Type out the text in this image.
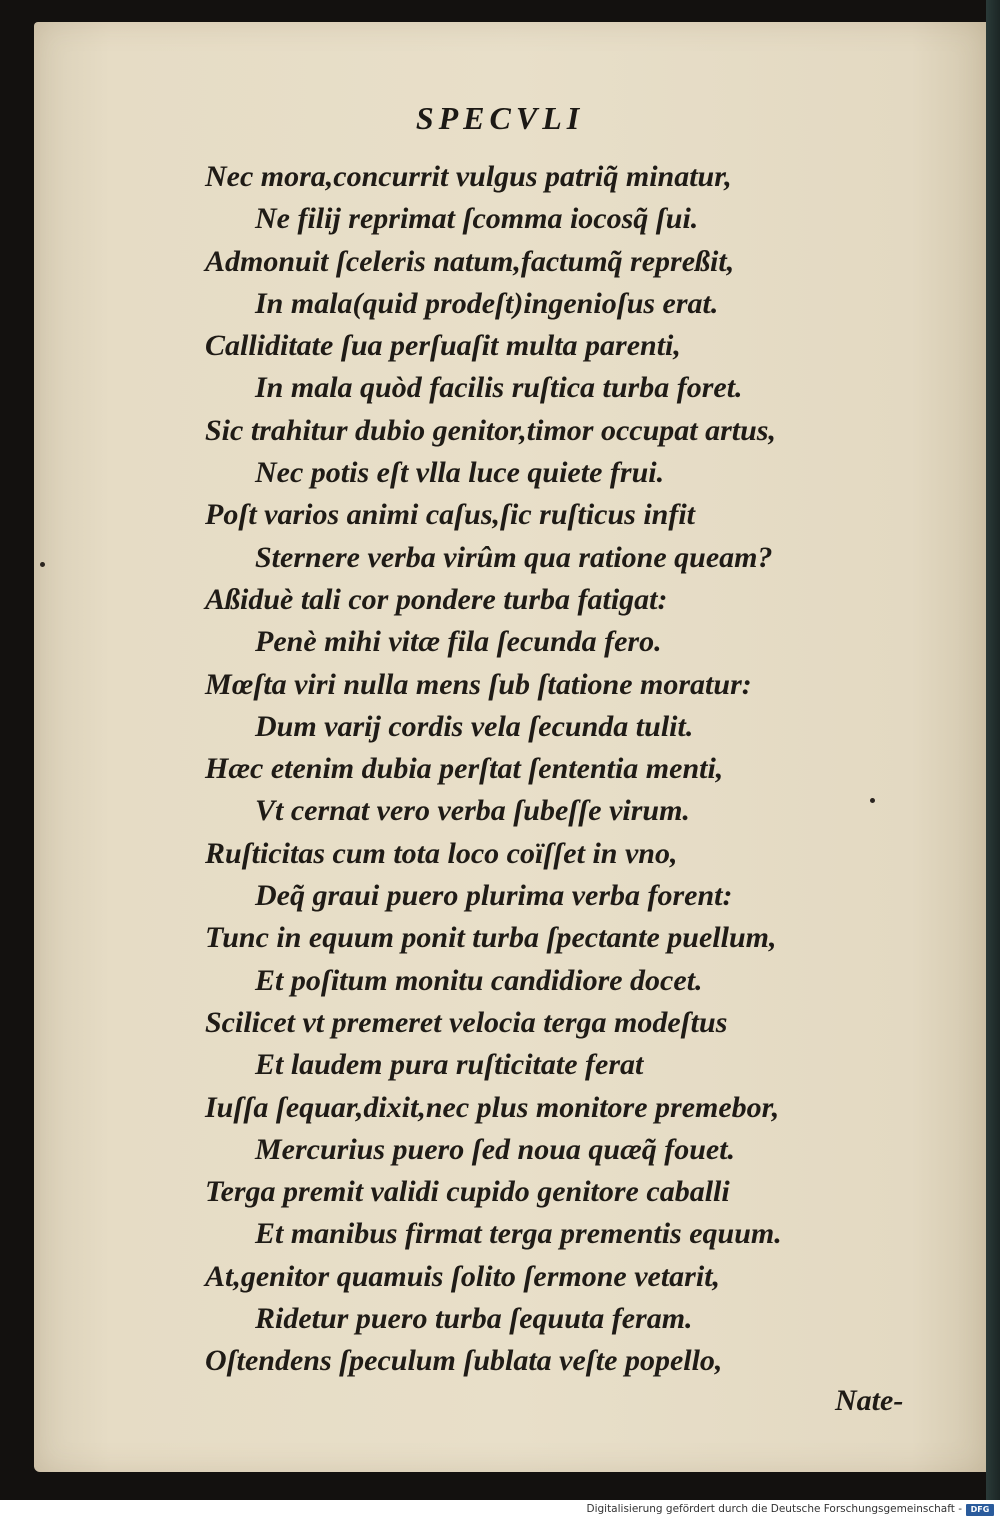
SPECVLI
Nec mora,concurrit vulgus patriq̃ minatur,
Ne filij reprimat ſcomma iocosq̃ ſui.
Admonuit ſceleris natum,factumq̃ repreßit,
In mala(quid prodeſt)ingenioſus erat.
Calliditate ſua perſuaſit multa parenti,
In mala quòd facilis ruſtica turba foret.
Sic trahitur dubio genitor,timor occupat artus,
Nec potis eſt vlla luce quiete frui.
Poſt varios animi caſus,ſic ruſticus infit
Sternere verba virûm qua ratione queam?
Aßiduè tali cor pondere turba fatigat:
Penè mihi vitæ fila ſecunda fero.
Mœſta viri nulla mens ſub ſtatione moratur:
Dum varij cordis vela ſecunda tulit.
Hæc etenim dubia perſtat ſententia menti,
Vt cernat vero verba ſubeſſe virum.
Ruſticitas cum tota loco coïſſet in vno,
Deq̃ graui puero plurima verba forent:
Tunc in equum ponit turba ſpectante puellum,
Et poſitum monitu candidiore docet.
Scilicet vt premeret velocia terga modeſtus
Et laudem pura ruſticitate ferat
Iuſſa ſequar,dixit,nec plus monitore premebor,
Mercurius puero ſed noua quæq̃ fouet.
Terga premit validi cupido genitore caballi
Et manibus firmat terga prementis equum.
At,genitor quamuis ſolito ſermone vetarit,
Ridetur puero turba ſequuta feram.
Oſtendens ſpeculum ſublata veſte popello,
Nate-
Digitalisierung gefördert durch die Deutsche Forschungsgemeinschaft -	DFG
